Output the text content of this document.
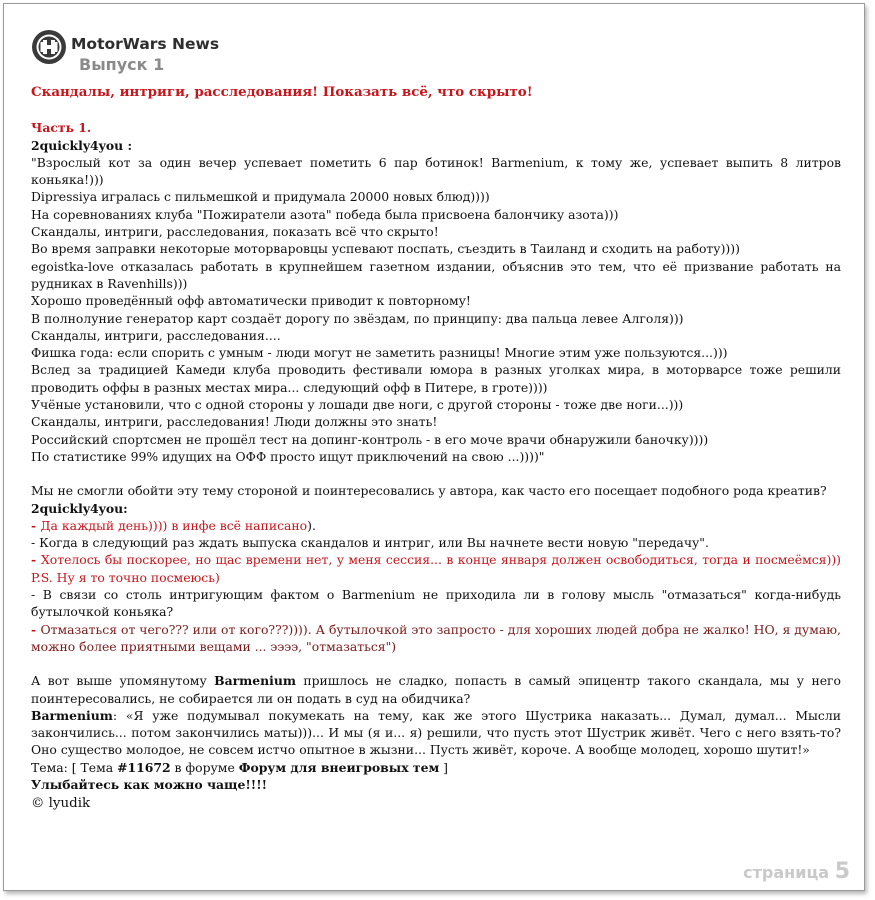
MotorWars News
Выпуск 1

Скандалы, интриги, расследования! Показать всё, что скрыто!

Часть 1.

2quickly4you :

"Взрослый кот за один вечер успевает пометить 6 пар ботинок! Barmenium, к тому же, успевает выпить 8 литров коньяка!)))

Dipressiya игралась с пильмешкой и придумала 20000 новых блюд))))

На соревнованиях клуба "Пожиратели азота" победа была присвоена балончику азота)))

Скандалы, интриги, расследования, показать всё что скрыто!

Во время заправки некоторые моторваровцы успевают поспать, съездить в Таиланд и сходить на работу))))

egoistka-love отказалась работать в крупнейшем газетном издании, объяснив это тем, что её призвание работать на рудниках в Ravenhills)))

Хорошо проведённый офф автоматически приводит к повторному!

В полнолуние генератор карт создаёт дорогу по звёздам, по принципу: два пальца левее Алголя)))

Скандалы, интриги, расследования....

Фишка года: если спорить с умным - люди могут не заметить разницы! Многие этим уже пользуются...)))

Вслед за традицией Камеди клуба проводить фестивали юмора в разных уголках мира, в моторварсе тоже решили проводить оффы в разных местах мира... следующий офф в Питере, в гроте))))

Учёные установили, что с одной стороны у лошади две ноги, с другой стороны - тоже две ноги...)))

Скандалы, интриги, расследования! Люди должны это знать!

Российский спортсмен не прошёл тест на допинг-контроль - в его моче врачи обнаружили баночку))))

По статистике 99% идущих на ОФФ просто ищут приключений на свою ...))))"

Мы не смогли обойти эту тему стороной и поинтересовались у автора, как часто его посещает подобного рода креатив?

2quickly4you:

- Да каждый день)))) в инфе всё написано).

- Когда в следующий раз ждать выпуска скандалов и интриг, или Вы начнете вести новую "передачу".

- Хотелось бы поскорее, но щас времени нет, у меня сессия... в конце января должен освободиться, тогда и посмеёмся))) P.S. Ну я то точно посмеюсь)

- В связи со столь интригующим фактом о Barmenium не приходила ли в голову мысль "отмазаться" когда-нибудь бутылочкой коньяка?

- Отмазаться от чего??? или от кого???)))). А бутылочкой это запросто - для хороших людей добра не жалко! НО, я думаю, можно более приятными вещами ... ээээ, "отмазаться")

А вот выше упомянутому Barmenium пришлось не сладко, попасть в самый эпицентр такого скандала, мы у него поинтересовались, не собирается ли он подать в суд на обидчика?

Barmenium: «Я уже подумывал покумекать на тему, как же этого Шустрика наказать... Думал, думал... Мысли закончились... потом закончились маты)))... И мы (я и... я) решили, что пусть этот Шустрик живёт. Чего с него взять-то? Оно существо молодое, не совсем истчо опытное в жызни... Пусть живёт, короче. А вообще молодец, хорошо шутит!»

Тема: [ Тема #11672 в форуме Форум для внеигровых тем ]

Улыбайтесь как можно чаще!!!!

© lyudik

страница 5
